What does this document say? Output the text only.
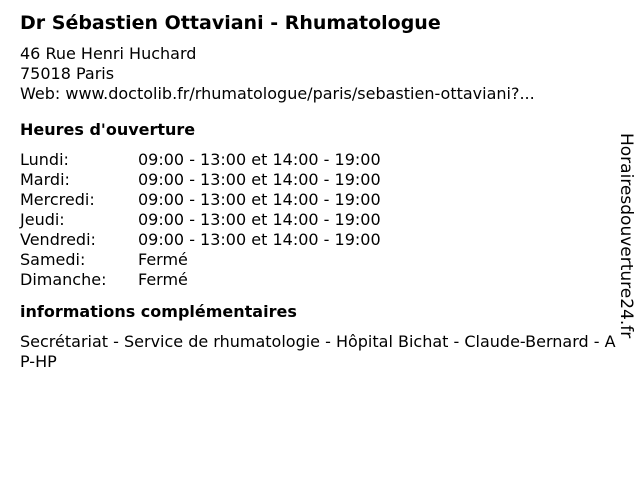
Dr Sébastien Ottaviani - Rhumatologue
46 Rue Henri Huchard
75018 Paris
Web: www.doctolib.fr/rhumatologue/paris/sebastien-ottaviani?...
Heures d'ouverture
Lundi:	09:00 - 13:00 et 14:00 - 19:00
Mardi:	09:00 - 13:00 et 14:00 - 19:00
Mercredi:	09:00 - 13:00 et 14:00 - 19:00
Jeudi:	09:00 - 13:00 et 14:00 - 19:00
Vendredi:	09:00 - 13:00 et 14:00 - 19:00
Samedi:	Fermé
Dimanche:	Fermé
informations complémentaires
Secrétariat - Service de rhumatologie - Hôpital Bichat - Claude-Bernard - AP-HP
Horairesdouverture24.fr
